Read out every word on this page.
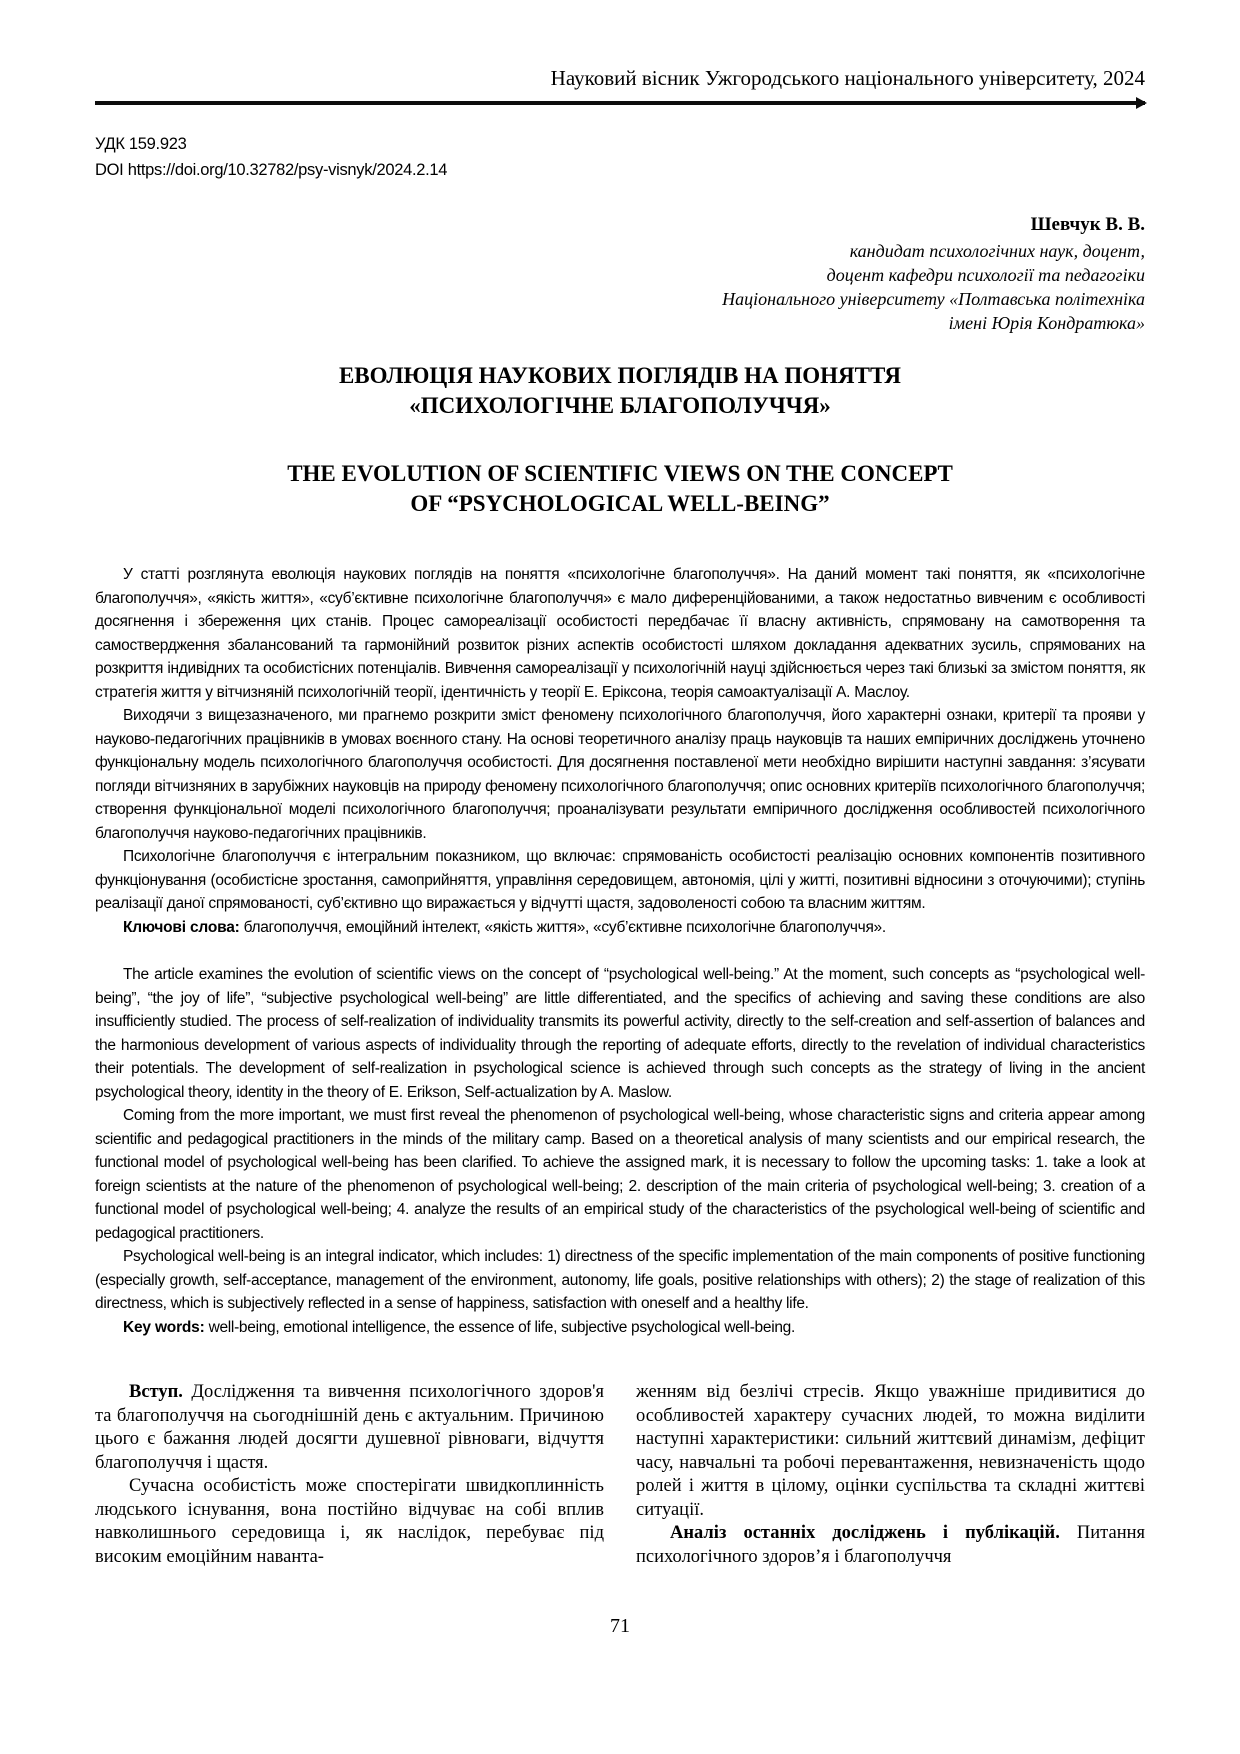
Науковий вісник Ужгородського національного університету, 2024
УДК 159.923
DOI https://doi.org/10.32782/psy-visnyk/2024.2.14
Шевчук В. В.
кандидат психологічних наук, доцент,
доцент кафедри психології та педагогіки
Національного університету «Полтавська політехніка
імені Юрія Кондратюка»
ЕВОЛЮЦІЯ НАУКОВИХ ПОГЛЯДІВ НА ПОНЯТТЯ
«ПСИХОЛОГІЧНЕ БЛАГОПОЛУЧЧЯ»
THE EVOLUTION OF SCIENTIFIC VIEWS ON THE CONCEPT
OF “PSYCHOLOGICAL WELL-BEING”

У статті розглянута еволюція наукових поглядів на поняття «психологічне благополуччя». На даний момент такі поняття, як «психологічне благополуччя», «якість життя», «суб’єктивне психологічне благополуччя» є мало диференційованими, а також недостатньо вивченим є особливості досягнення і збереження цих станів. Процес самореалізації особистості передбачає її власну активність, спрямовану на самотворення та самоствердження збалансований та гармонійний розвиток різних аспектів особистості шляхом докладання адекватних зусиль, спрямованих на розкриття індивідних та особистісних потенціалів. Вивчення самореалізації у психологічній науці здійснюється через такі близькі за змістом поняття, як стратегія життя у вітчизняній психологічній теорії, ідентичність у теорії Е. Еріксона, теорія самоактуалізації А. Маслоу.

Виходячи з вищезазначеного, ми прагнемо розкрити зміст феномену психологічного благополуччя, його характерні ознаки, критерії та прояви у науково-педагогічних працівників в умовах воєнного стану. На основі теоретичного аналізу праць науковців та наших емпіричних досліджень уточнено функціональну модель психологічного благополуччя особистості. Для досягнення поставленої мети необхідно вирішити наступні завдання: з’ясувати погляди вітчизняних в зарубіжних науковців на природу феномену психологічного благополуччя; опис основних критеріїв психологічного благополуччя; створення функціональної моделі психологічного благополуччя; проаналізувати результати емпіричного дослідження особливостей психологічного благополуччя науково-педагогічних працівників.

Психологічне благополуччя є інтегральним показником, що включає: спрямованість особистості реалізацію основних компонентів позитивного функціонування (особистісне зростання, самоприйняття, управління середовищем, автономія, цілі у житті, позитивні відносини з оточуючими); ступінь реалізації даної спрямованості, суб’єктивно що виражається у відчутті щастя, задоволеності собою та власним життям.

Ключові слова: благополуччя, емоційний інтелект, «якість життя», «суб’єктивне психологічне благополуччя».

The article examines the evolution of scientific views on the concept of “psychological well-being.” At the moment, such concepts as “psychological well-being”, “the joy of life”, “subjective psychological well-being” are little differentiated, and the specifics of achieving and saving these conditions are also insufficiently studied. The process of self-realization of individuality transmits its powerful activity, directly to the self-creation and self-assertion of balances and the harmonious development of various aspects of individuality through the reporting of adequate efforts, directly to the revelation of individual characteristics their potentials. The development of self-realization in psychological science is achieved through such concepts as the strategy of living in the ancient psychological theory, identity in the theory of E. Erikson, Self-actualization by A. Maslow.

Coming from the more important, we must first reveal the phenomenon of psychological well-being, whose characteristic signs and criteria appear among scientific and pedagogical practitioners in the minds of the military camp. Based on a theoretical analysis of many scientists and our empirical research, the functional model of psychological well-being has been clarified. To achieve the assigned mark, it is necessary to follow the upcoming tasks: 1. take a look at foreign scientists at the nature of the phenomenon of psychological well-being; 2. description of the main criteria of psychological well-being; 3. creation of a functional model of psychological well-being; 4. analyze the results of an empirical study of the characteristics of the psychological well-being of scientific and pedagogical practitioners.

Psychological well-being is an integral indicator, which includes: 1) directness of the specific implementation of the main components of positive functioning (especially growth, self-acceptance, management of the environment, autonomy, life goals, positive relationships with others); 2) the stage of realization of this directness, which is subjectively reflected in a sense of happiness, satisfaction with oneself and a healthy life.

Key words: well-being, emotional intelligence, the essence of life, subjective psychological well-being.

Вступ. Дослідження та вивчення психологічного здоров'я та благополуччя на сьогоднішній день є актуальним. Причиною цього є бажання людей досягти душевної рівноваги, відчуття благополуччя і щастя.

Сучасна особистість може спостерігати швидкоплинність людського існування, вона постійно відчуває на собі вплив навколишнього середовища і, як наслідок, перебуває під високим емоційним наванта-

женням від безлічі стресів. Якщо уважніше придивитися до особливостей характеру сучасних людей, то можна виділити наступні характеристики: сильний життєвий динамізм, дефіцит часу, навчальні та робочі перевантаження, невизначеність щодо ролей і життя в цілому, оцінки суспільства та складні життєві ситуації.

Аналіз останніх досліджень і публікацій. Питання психологічного здоров’я і благополуччя

71
